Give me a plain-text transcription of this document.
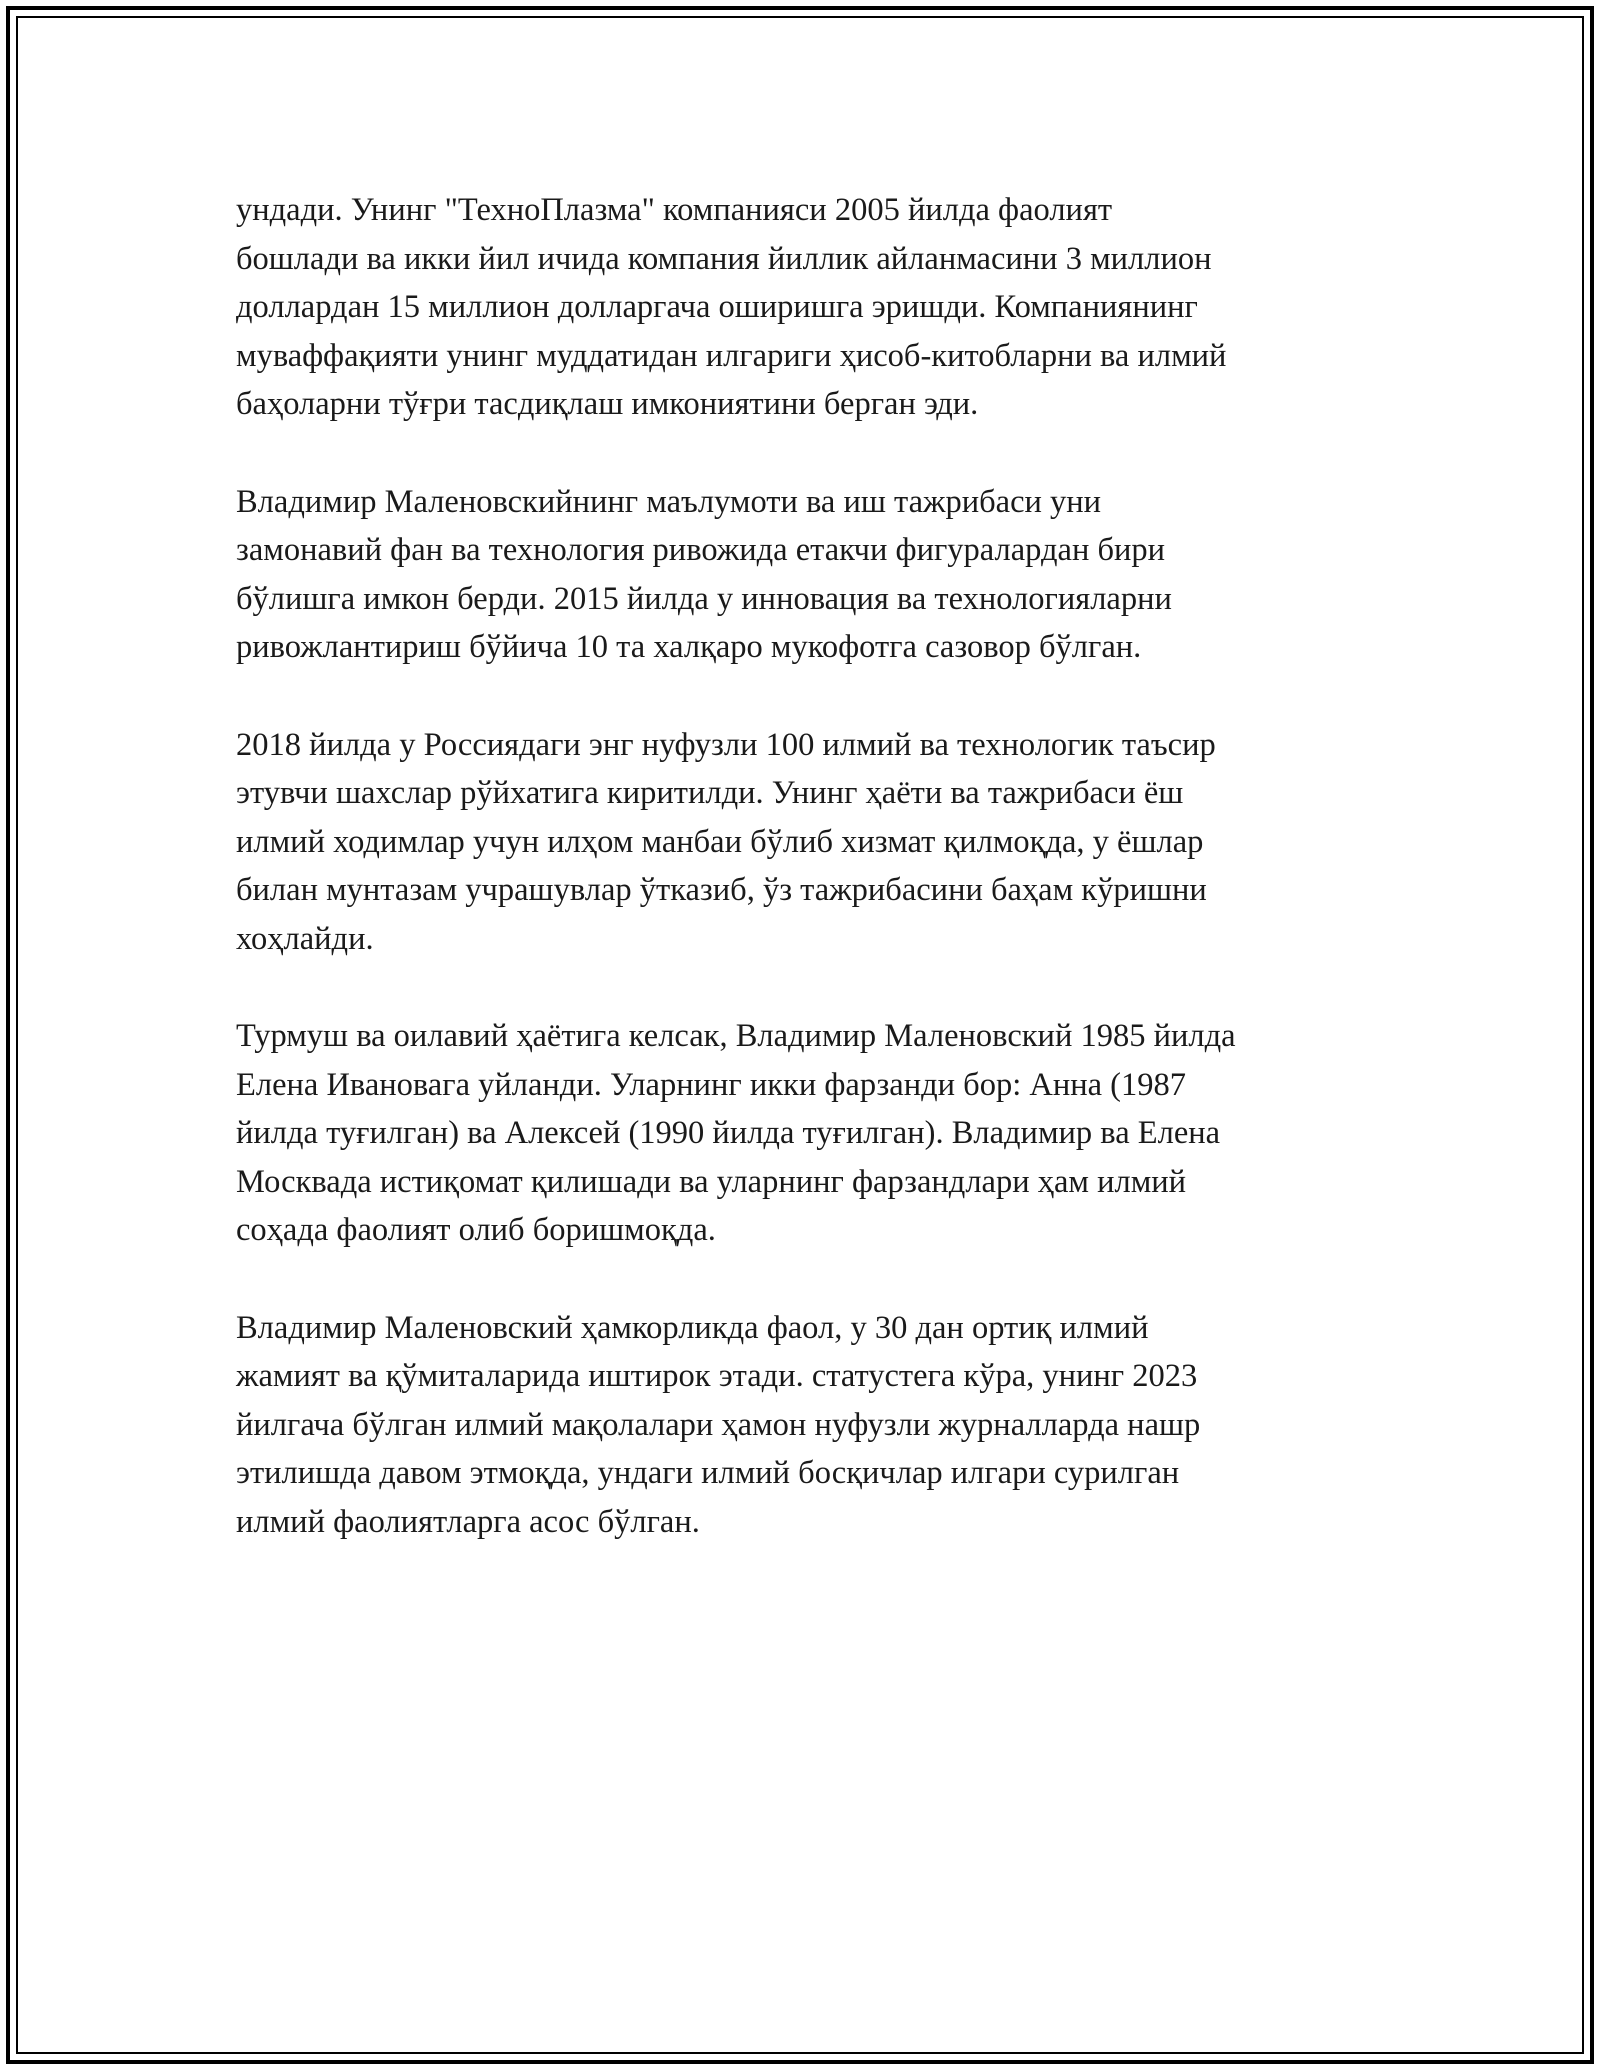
ундади. Унинг "ТехноПлазма" компанияси 2005 йилда фаолият
бошлади ва икки йил ичида компания йиллик айланмасини 3 миллион
доллардан 15 миллион долларгача оширишга эришди. Компаниянинг
муваффақияти унинг муддатидан илгариги ҳисоб-китобларни ва илмий
баҳоларни тўғри тасдиқлаш имкониятини берган эди.

Владимир Маленовскийнинг маълумоти ва иш тажрибаси уни
замонавий фан ва технология ривожида етакчи фигуралардан бири
бўлишга имкон берди. 2015 йилда у инновация ва технологияларни
ривожлантириш бўйича 10 та халқаро мукофотга сазовор бўлган.

2018 йилда у Россиядаги энг нуфузли 100 илмий ва технологик таъсир
этувчи шахслар рўйхатига киритилди. Унинг ҳаёти ва тажрибаси ёш
илмий ходимлар учун илҳом манбаи бўлиб хизмат қилмоқда, у ёшлар
билан мунтазам учрашувлар ўтказиб, ўз тажрибасини баҳам кўришни
хоҳлайди.

Турмуш ва оилавий ҳаётига келсак, Владимир Маленовский 1985 йилда
Елена Ивановага уйланди. Уларнинг икки фарзанди бор: Анна (1987
йилда туғилган) ва Алексей (1990 йилда туғилган). Владимир ва Елена
Москвада истиқомат қилишади ва уларнинг фарзандлари ҳам илмий
соҳада фаолият олиб боришмоқда.

Владимир Маленовский ҳамкорликда фаол, у 30 дан ортиқ илмий
жамият ва қўмиталарида иштирок этади. статустега кўра, унинг 2023
йилгача бўлган илмий мақолалари ҳамон нуфузли журналларда нашр
этилишда давом этмоқда, ундаги илмий босқичлар илгари сурилган
илмий фаолиятларга асос бўлган.
